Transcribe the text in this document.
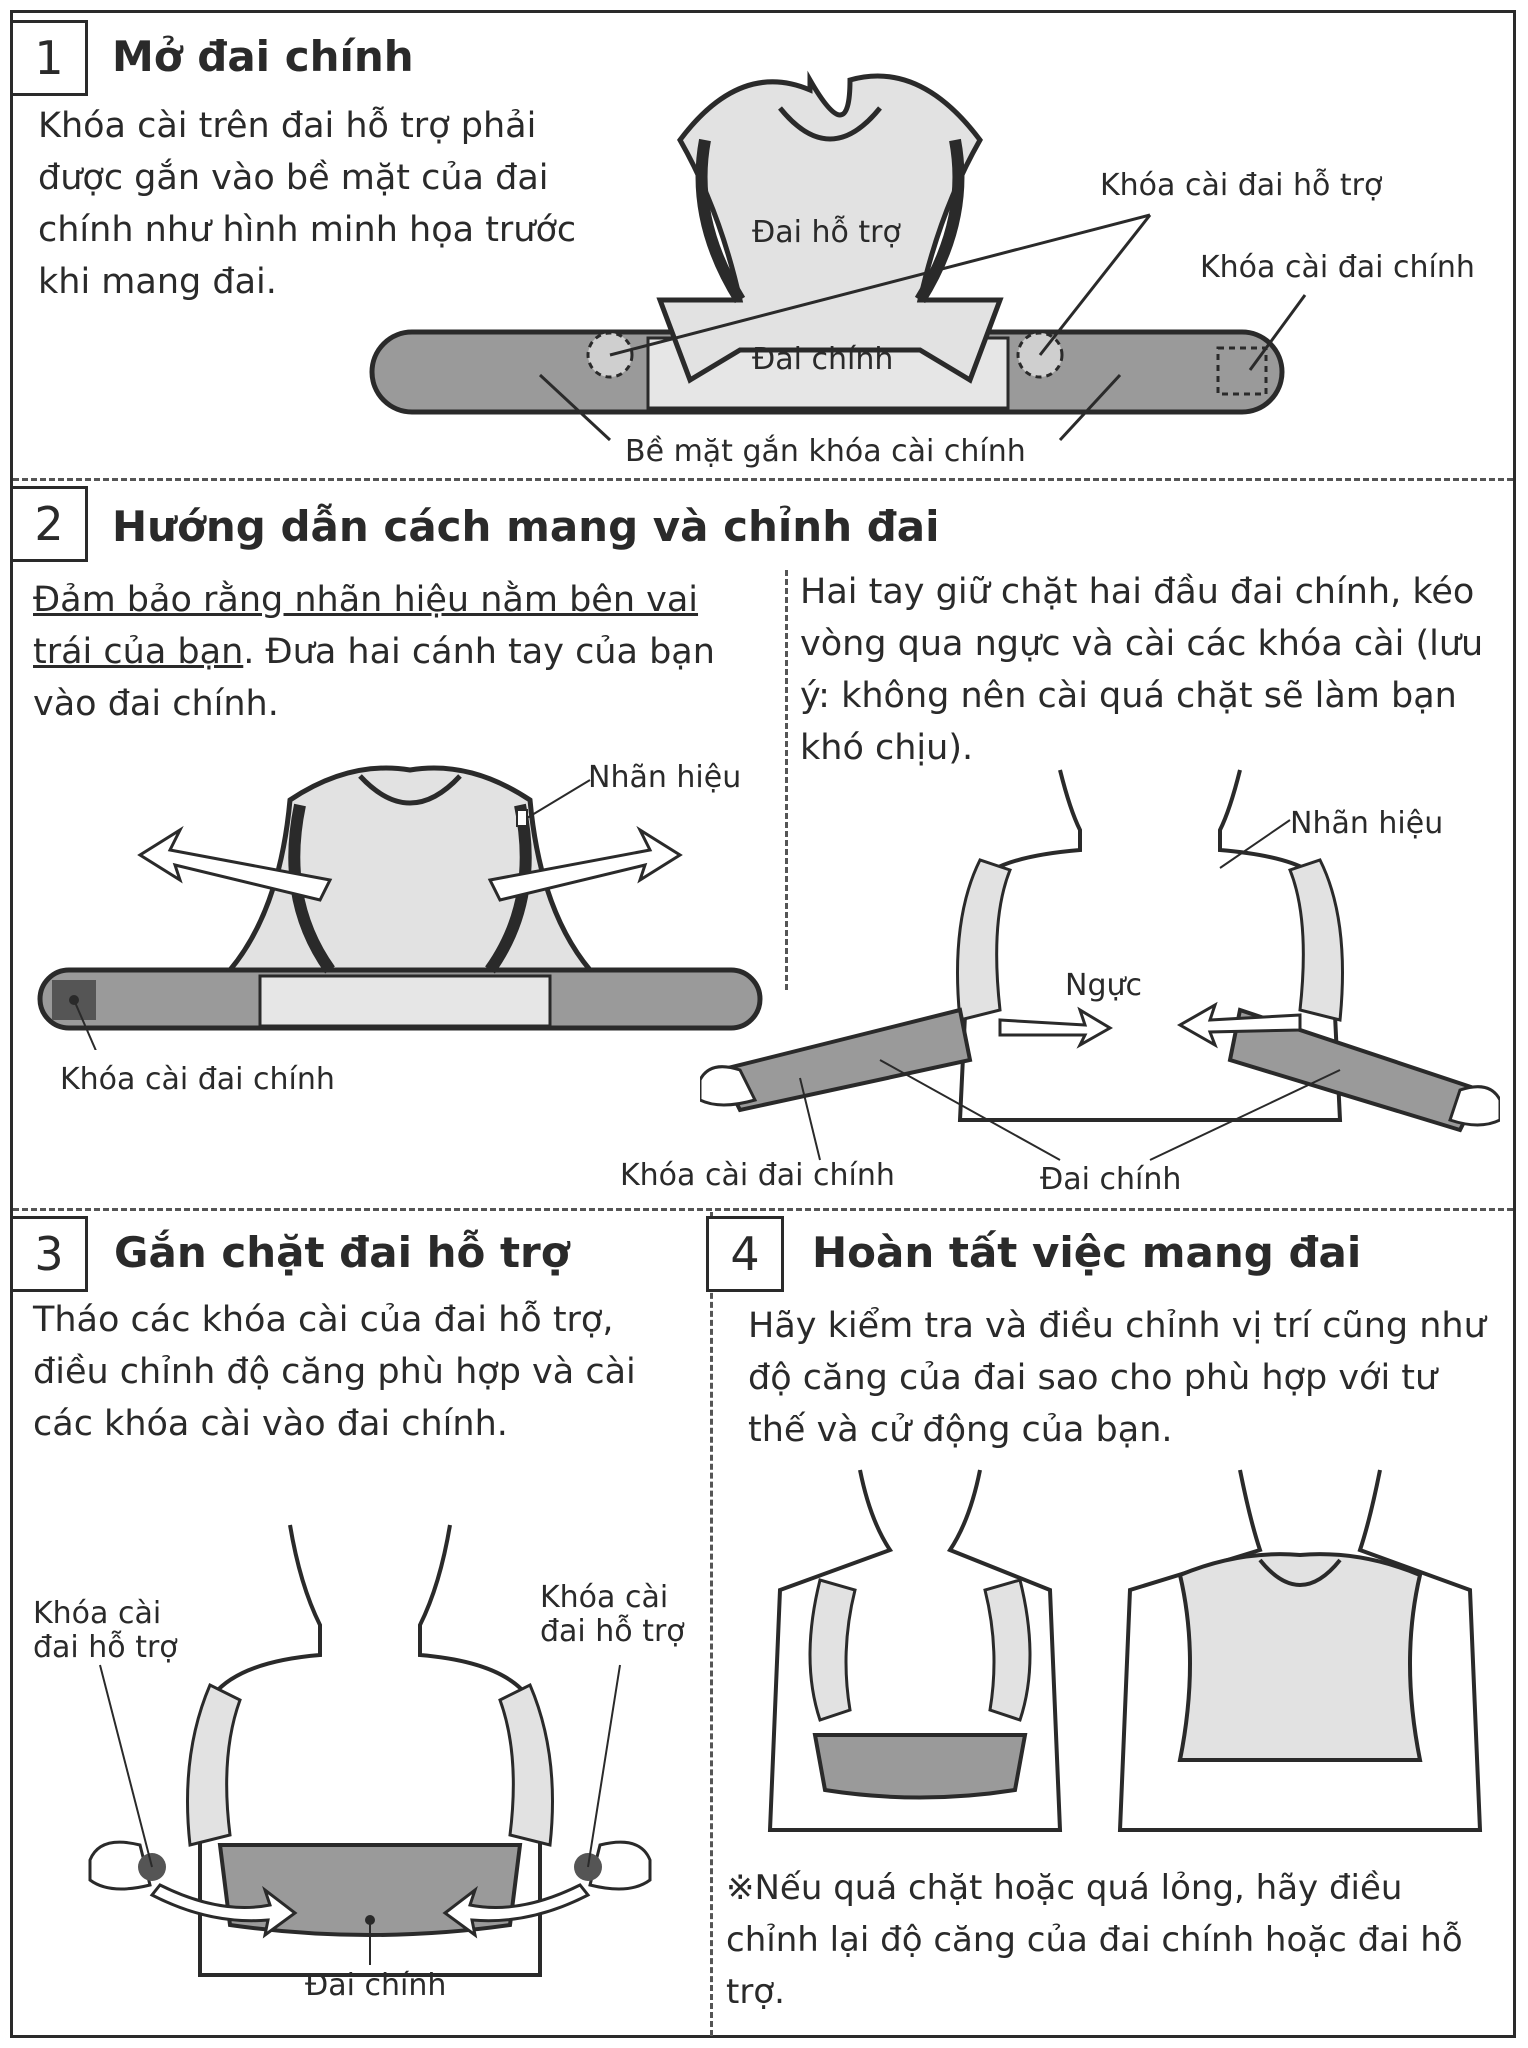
1	Mở đai chính
Khóa cài trên đai hỗ trợ phải được gắn vào bề mặt của đai chính như hình minh họa trước khi mang đai.
Đai hỗ trợ
Đai chính
Khóa cài đai hỗ trợ
Khóa cài đai chính
Bề mặt gắn khóa cài chính
2	Hướng dẫn cách mang và chỉnh đai
Đảm bảo rằng nhãn hiệu nằm bên vai trái của bạn. Đưa hai cánh tay của bạn vào đai chính.
Hai tay giữ chặt hai đầu đai chính, kéo vòng qua ngực và cài các khóa cài (lưu ý: không nên cài quá chặt sẽ làm bạn khó chịu).
Nhãn hiệu
Khóa cài đai chính
Nhãn hiệu
Ngực
Khóa cài đai chính	Đai chính
3	Gắn chặt đai hỗ trợ
Tháo các khóa cài của đai hỗ trợ, điều chỉnh độ căng phù hợp và cài các khóa cài vào đai chính.
Khóa cài
đai hỗ trợ
Khóa cài
đai hỗ trợ
Đai chính
4	Hoàn tất việc mang đai
Hãy kiểm tra và điều chỉnh vị trí cũng như độ căng của đai sao cho phù hợp với tư thế và cử động của bạn.
※Nếu quá chặt hoặc quá lỏng, hãy điều chỉnh lại độ căng của đai chính hoặc đai hỗ trợ.
